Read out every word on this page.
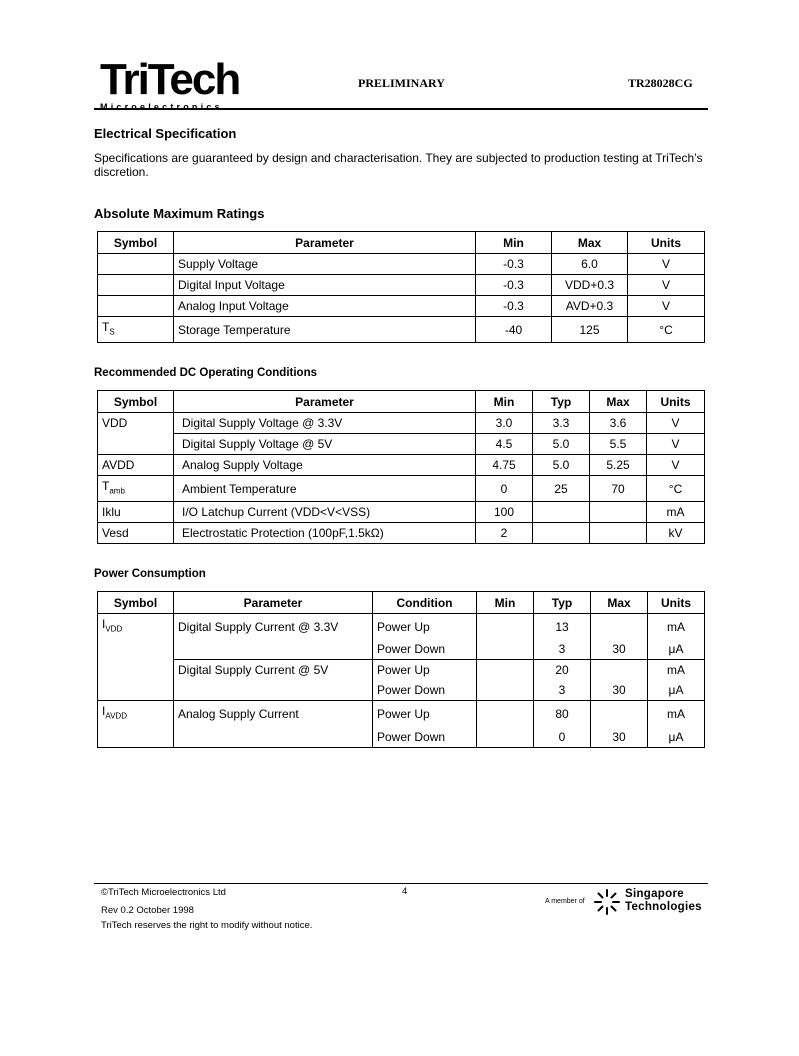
TriTech
Microelectronics
PRELIMINARY	TR28028CG
Electrical Specification
Specifications are guaranteed by design and characterisation. They are subjected to production testing at TriTech’s discretion.
Absolute Maximum Ratings
Symbol	Parameter	Min	Max	Units
	Supply Voltage	-0.3	6.0	V
	Digital Input Voltage	-0.3	VDD+0.3	V
	Analog Input Voltage	-0.3	AVD+0.3	V
$T_S$	Storage Temperature	-40	125	°C
Recommended DC Operating Conditions
Symbol	Parameter	Min	Typ	Max	Units
VDD	Digital Supply Voltage @ 3.3V	3.0	3.3	3.6	V
	Digital Supply Voltage @ 5V	4.5	5.0	5.5	V
AVDD	Analog Supply Voltage	4.75	5.0	5.25	V
$T_{amb}$	Ambient Temperature	0	25	70	°C
Iklu	I/O Latchup Current (VDD<V<VSS)	100			mA
Vesd	Electrostatic Protection (100pF,1.5kΩ)	2			kV
Power Consumption
Symbol	Parameter	Condition	Min	Typ	Max	Units
$I_{VDD}$	Digital Supply Current @ 3.3V	Power Up		13		mA
		Power Down		3	30	μA
	Digital Supply Current @ 5V	Power Up		20		mA
		Power Down		3	30	μA
$I_{AVDD}$	Analog Supply Current	Power Up		80		mA
		Power Down		0	30	μA
©TriTech Microelectronics Ltd
Rev 0.2 October 1998
TriTech reserves the right to modify without notice.
4
A member of
Singapore
Technologies
